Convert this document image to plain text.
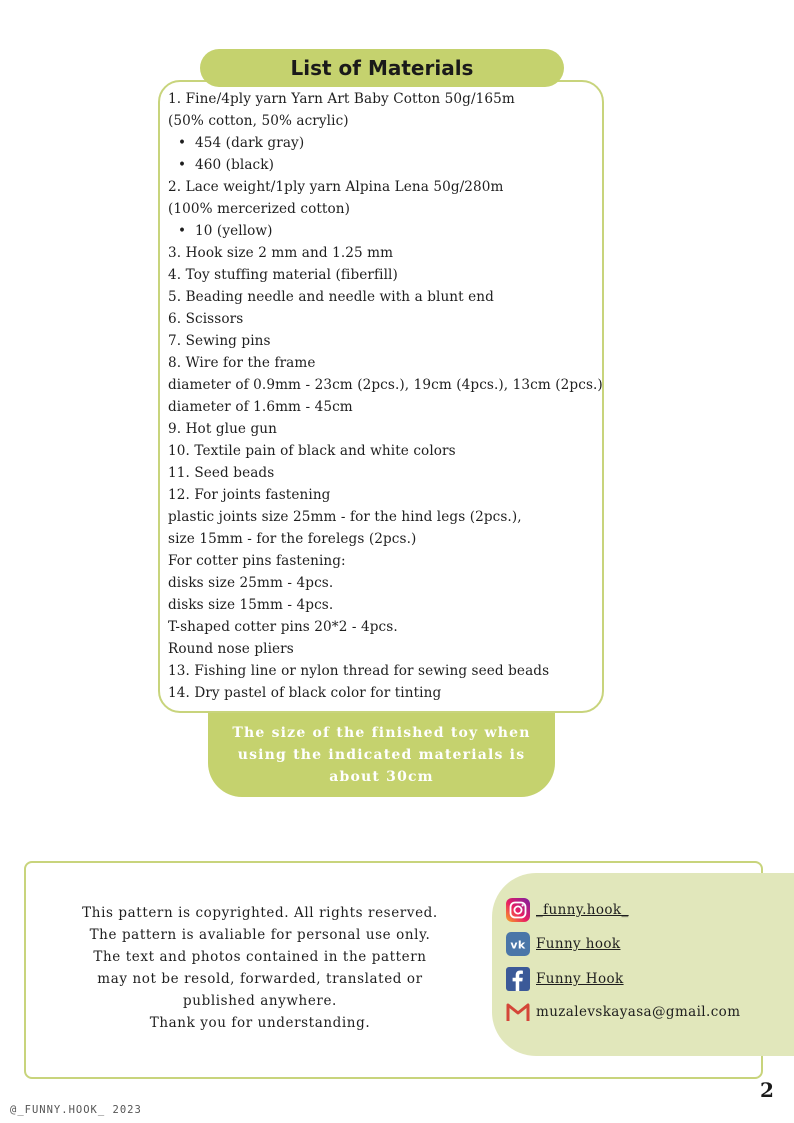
List of Materials
1. Fine/4ply yarn Yarn Art Baby Cotton 50g/165m
(50% cotton, 50% acrylic)
• 454 (dark gray)
• 460 (black)
2. Lace weight/1ply yarn Alpina Lena 50g/280m
(100% mercerized cotton)
• 10 (yellow)
3. Hook size 2 mm and 1.25 mm
4. Toy stuffing material (fiberfill)
5. Beading needle and needle with a blunt end
6. Scissors
7. Sewing pins
8. Wire for the frame
diameter of 0.9mm - 23cm (2pcs.), 19cm (4pcs.), 13cm (2pcs.)
diameter of 1.6mm - 45cm
9. Hot glue gun
10. Textile pain of black and white colors
11. Seed beads
12. For joints fastening
plastic joints size 25mm - for the hind legs (2pcs.),
size 15mm - for the forelegs (2pcs.)
For cotter pins fastening:
disks size 25mm - 4pcs.
disks size 15mm - 4pcs.
T-shaped cotter pins 20*2 - 4pcs.
Round nose pliers
13. Fishing line or nylon thread for sewing seed beads
14. Dry pastel of black color for tinting
The size of the finished toy when
using the indicated materials is
about 30cm
This pattern is copyrighted. All rights reserved.
The pattern is avaliable for personal use only.
The text and photos contained in the pattern
may not be resold, forwarded, translated or
published anywhere.
Thank you for understanding.
_funny.hook_
vk Funny hook
Funny Hook
muzalevskayasa@gmail.com
2
@_FUNNY.HOOK_ 2023
